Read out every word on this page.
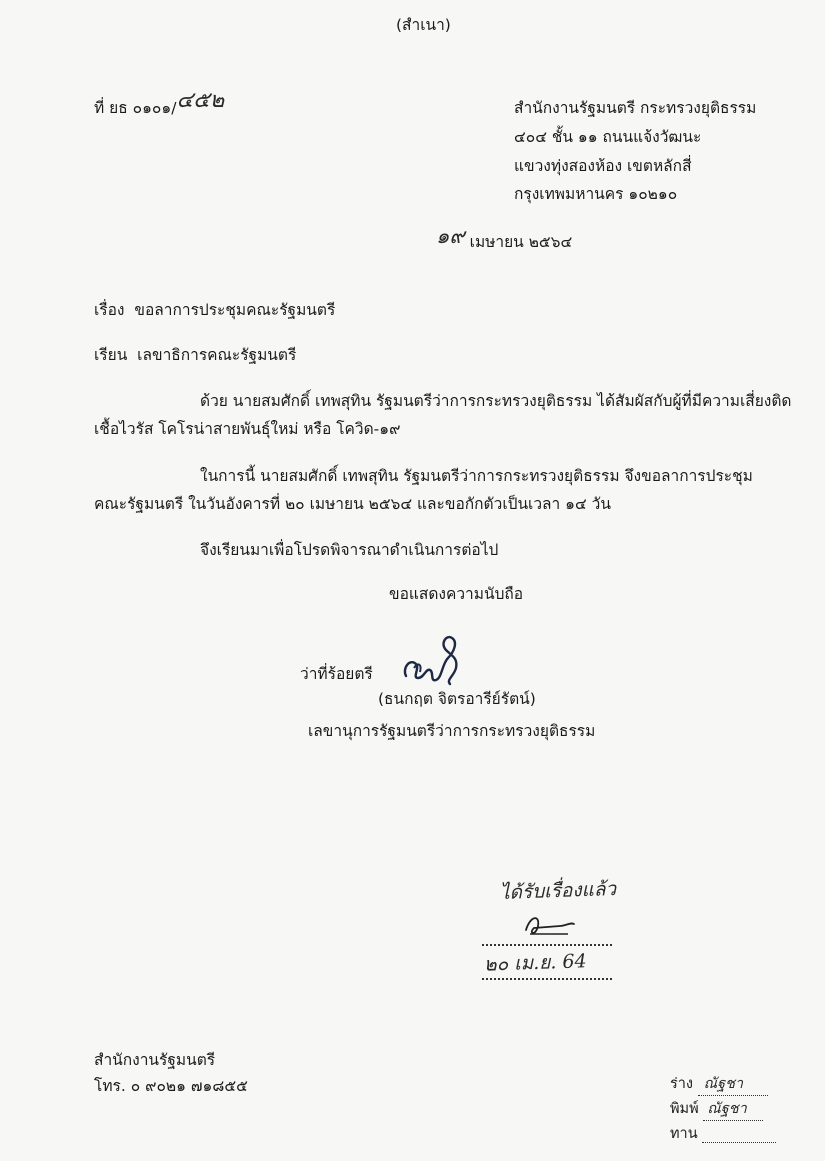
(สำเนา)
ที่ ยธ ๐๑๐๑/๔๕๒	สำนักงานรัฐมนตรี กระทรวงยุติธรรม
๔๐๔ ชั้น ๑๑ ถนนแจ้งวัฒนะ
แขวงทุ่งสองห้อง เขตหลักสี่
กรุงเทพมหานคร ๑๐๒๑๐
๑๙ เมษายน ๒๕๖๔
เรื่อง ขอลาการประชุมคณะรัฐมนตรี
เรียน เลขาธิการคณะรัฐมนตรี
ด้วย นายสมศักดิ์ เทพสุทิน รัฐมนตรีว่าการกระทรวงยุติธรรม ได้สัมผัสกับผู้ที่มีความเสี่ยงติด
เชื้อไวรัส โคโรน่าสายพันธุ์ใหม่ หรือ โควิด-๑๙
ในการนี้ นายสมศักดิ์ เทพสุทิน รัฐมนตรีว่าการกระทรวงยุติธรรม จึงขอลาการประชุม
คณะรัฐมนตรี ในวันอังคารที่ ๒๐ เมษายน ๒๕๖๔ และขอกักตัวเป็นเวลา ๑๔ วัน
จึงเรียนมาเพื่อโปรดพิจารณาดำเนินการต่อไป
ขอแสดงความนับถือ
ว่าที่ร้อยตรี
(ธนกฤต จิตรอารีย์รัตน์)
เลขานุการรัฐมนตรีว่าการกระทรวงยุติธรรม
ได้รับเรื่องแล้ว
๒๐ เม.ย. 64
สำนักงานรัฐมนตรี
โทร. ๐ ๙๐๒๑ ๗๑๘๕๕	ร่าง ณัฐชา
พิมพ์ ณัฐชา
ทาน
